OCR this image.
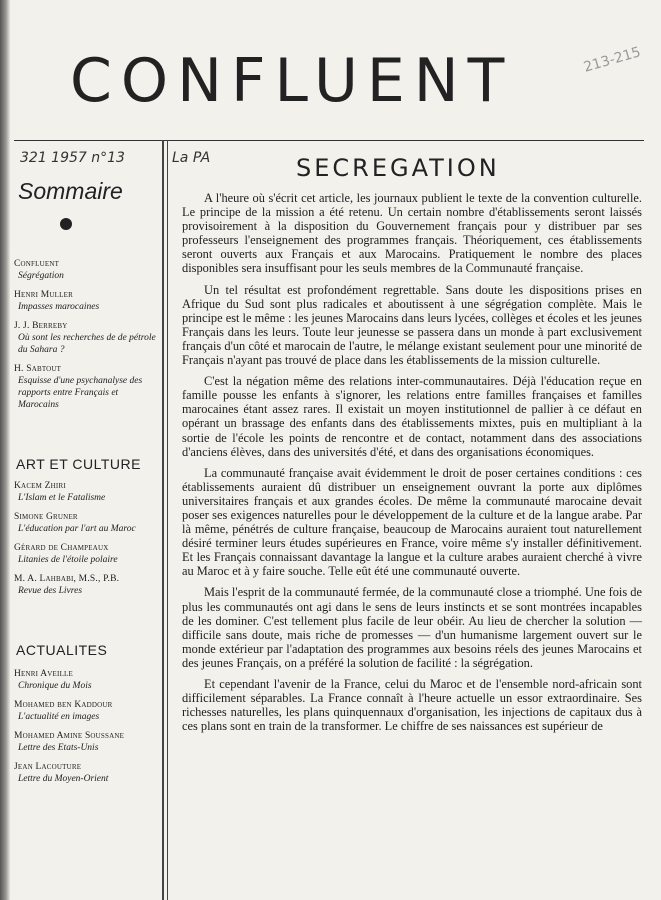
CONFLUENT	213-215
321 1957 n°13	La PA
Sommaire
Confluent
Ségrégation
Henri Muller
Impasses marocaines
J. J. Berreby
Où sont les recherches de de pétrole du Sahara ?
H. Sabtout
Esquisse d'une psychanalyse des rapports entre Français et Marocains
ART ET CULTURE
Kacem Zhiri
L'Islam et le Fatalisme
Simone Gruner
L'éducation par l'art au Maroc
Gérard de Champeaux
Litanies de l'étoile polaire
M. A. Lahbabi, M.S., P.B.
Revue des Livres
ACTUALITES
Henri Aveille
Chronique du Mois
Mohamed ben Kaddour
L'actualité en images
Mohamed Amine Soussane
Lettre des Etats-Unis
Jean Lacouture
Lettre du Moyen-Orient
SECREGATION

A l'heure où s'écrit cet article, les journaux publient le texte de la convention culturelle. Le principe de la mission a été retenu. Un certain nombre d'établissements seront laissés provisoirement à la disposition du Gouvernement français pour y distribuer par ses professeurs l'enseignement des programmes français. Théoriquement, ces établissements seront ouverts aux Français et aux Marocains. Pratiquement le nombre des places disponibles sera insuffisant pour les seuls membres de la Communauté française.

Un tel résultat est profondément regrettable. Sans doute les dispositions prises en Afrique du Sud sont plus radicales et aboutissent à une ségrégation complète. Mais le principe est le même : les jeunes Marocains dans leurs lycées, collèges et écoles et les jeunes Français dans les leurs. Toute leur jeunesse se passera dans un monde à part exclusivement français d'un côté et marocain de l'autre, le mélange existant seulement pour une minorité de Français n'ayant pas trouvé de place dans les établissements de la mission culturelle.

C'est la négation même des relations inter-communautaires. Déjà l'éducation reçue en famille pousse les enfants à s'ignorer, les relations entre familles françaises et familles marocaines étant assez rares. Il existait un moyen institutionnel de pallier à ce défaut en opérant un brassage des enfants dans des établissements mixtes, puis en multipliant à la sortie de l'école les points de rencontre et de contact, notamment dans des associations d'anciens élèves, dans des universités d'été, et dans des organisations économiques.

La communauté française avait évidemment le droit de poser certaines conditions : ces établissements auraient dû distribuer un enseignement ouvrant la porte aux diplômes universitaires français et aux grandes écoles. De même la communauté marocaine devait poser ses exigences naturelles pour le développement de la culture et de la langue arabe. Par là même, pénétrés de culture française, beaucoup de Marocains auraient tout naturellement désiré terminer leurs études supérieures en France, voire même s'y installer définitivement. Et les Français connaissant davantage la langue et la culture arabes auraient cherché à vivre au Maroc et à y faire souche. Telle eût été une communauté ouverte.

Mais l'esprit de la communauté fermée, de la communauté close a triomphé. Une fois de plus les communautés ont agi dans le sens de leurs instincts et se sont montrées incapables de les dominer. C'est tellement plus facile de leur obéir. Au lieu de chercher la solution — difficile sans doute, mais riche de promesses — d'un humanisme largement ouvert sur le monde extérieur par l'adaptation des programmes aux besoins réels des jeunes Marocains et des jeunes Français, on a préféré la solution de facilité : la ségrégation.

Et cependant l'avenir de la France, celui du Maroc et de l'ensemble nord-africain sont difficilement séparables. La France connaît à l'heure actuelle un essor extraordinaire. Ses richesses naturelles, les plans quinquennaux d'organisation, les injections de capitaux dus à ces plans sont en train de la transformer. Le chiffre de ses naissances est supérieur de
